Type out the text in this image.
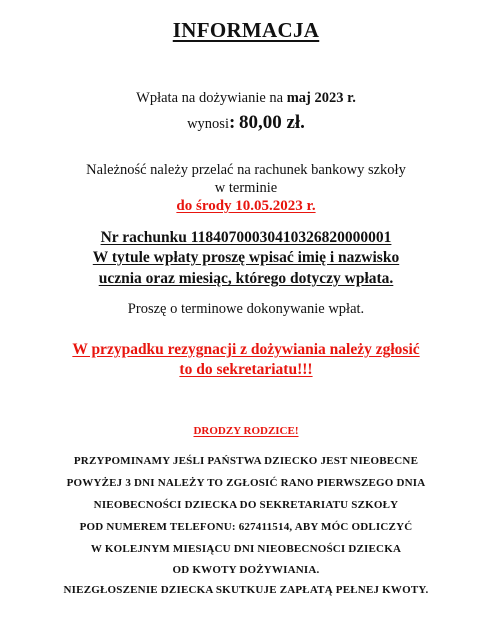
INFORMACJA
Wpłata na dożywianie na maj 2023 r.
wynosi: 80,00 zł.
Należność należy przelać na rachunek bankowy szkoły
w terminie
do środy 10.05.2023 r.
Nr rachunku 11840700030410326820000001
W tytule wpłaty proszę wpisać imię i nazwisko
ucznia oraz miesiąc, którego dotyczy wpłata.
Proszę o terminowe dokonywanie wpłat.
W przypadku rezygnacji z dożywiania należy zgłosić
to do sekretariatu!!!
DRODZY RODZICE!
PRZYPOMINAMY JEŚLI PAŃSTWA DZIECKO JEST NIEOBECNE
POWYŻEJ 3 DNI NALEŻY TO ZGŁOSIĆ RANO PIERWSZEGO DNIA
NIEOBECNOŚCI DZIECKA DO SEKRETARIATU SZKOŁY
POD NUMEREM TELEFONU: 627411514, ABY MÓC ODLICZYĆ
W KOLEJNYM MIESIĄCU DNI NIEOBECNOŚCI DZIECKA
OD KWOTY DOŻYWIANIA.
NIEZGŁOSZENIE DZIECKA SKUTKUJE ZAPŁATĄ PEŁNEJ KWOTY.
